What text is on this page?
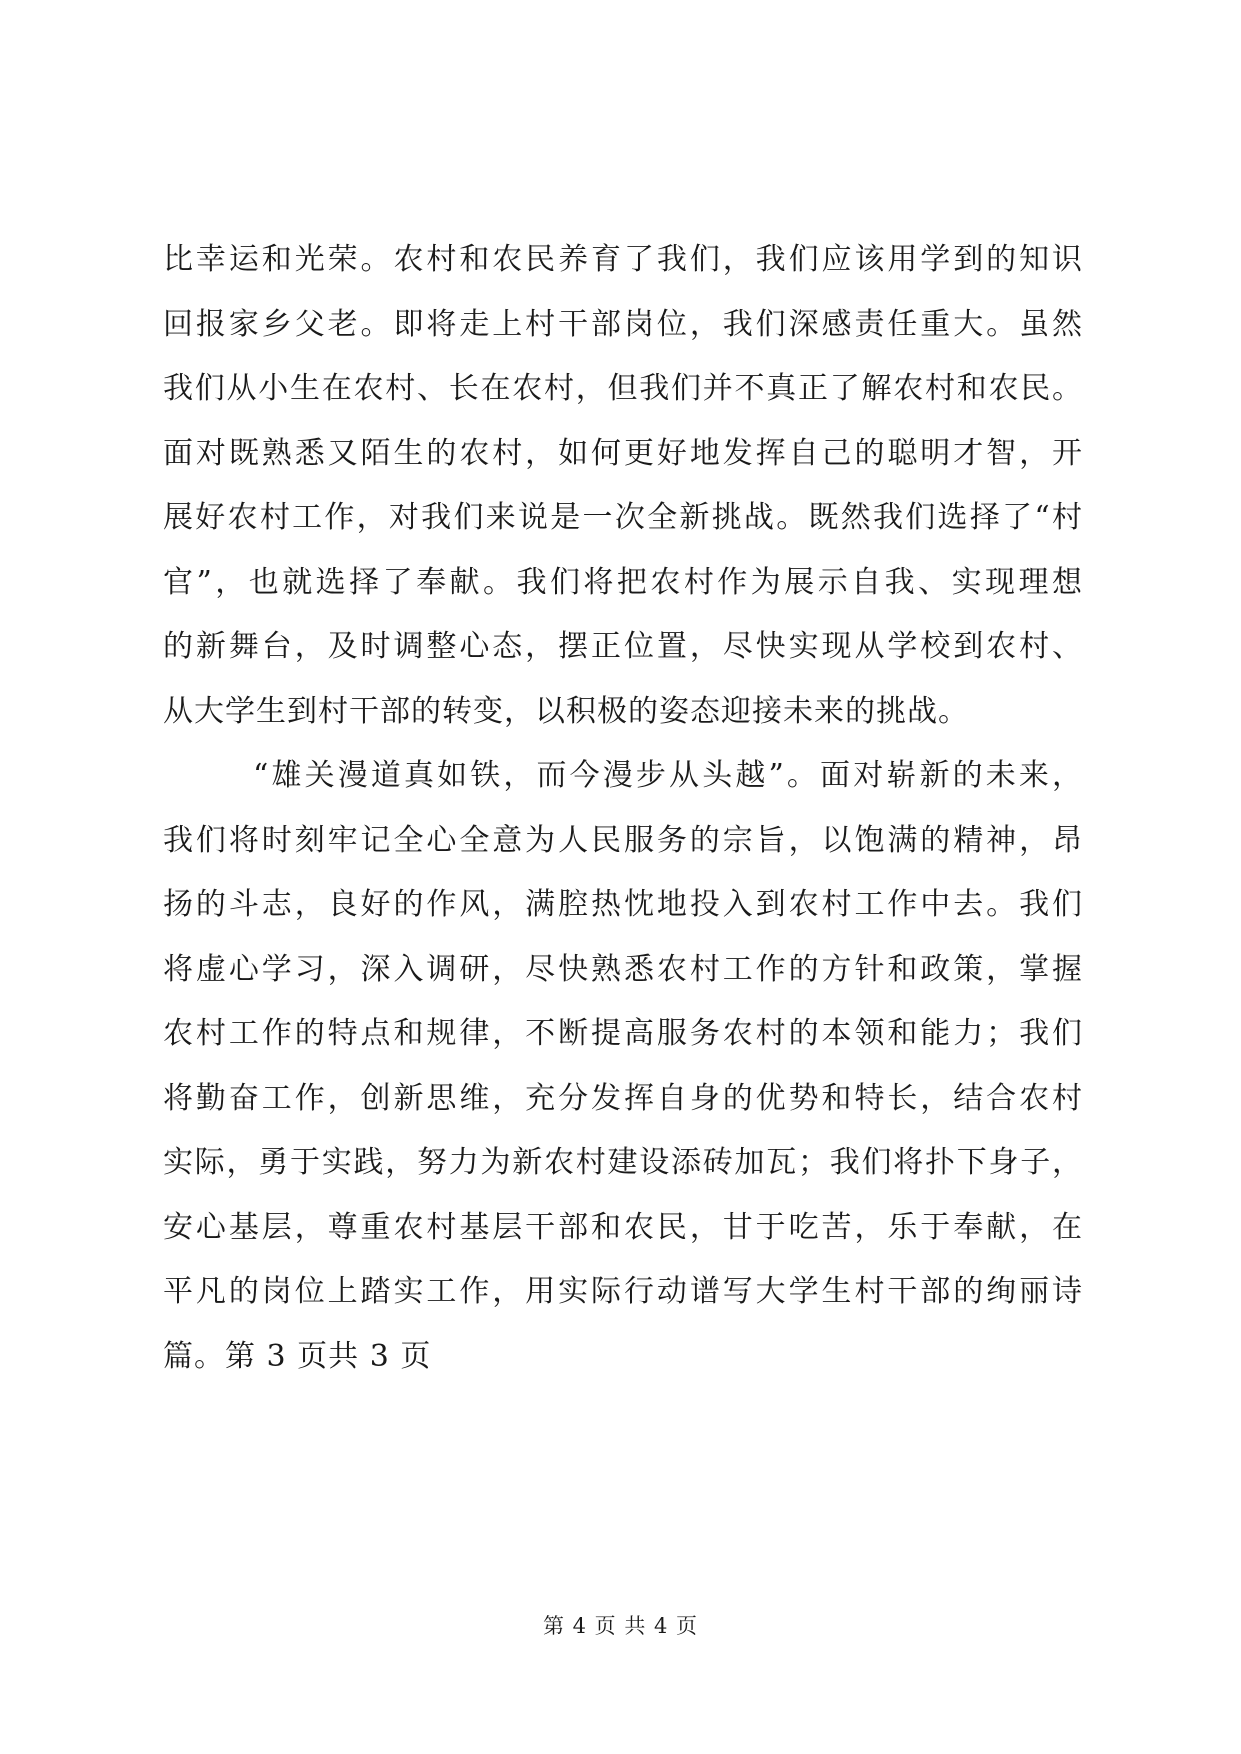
比幸运和光荣。农村和农民养育了我们，我们应该用学到的知识
回报家乡父老。即将走上村干部岗位，我们深感责任重大。虽然
我们从小生在农村、长在农村，但我们并不真正了解农村和农民。
面对既熟悉又陌生的农村，如何更好地发挥自己的聪明才智，开
展好农村工作，对我们来说是一次全新挑战。既然我们选择了“村
官”，也就选择了奉献。我们将把农村作为展示自我、实现理想
的新舞台，及时调整心态，摆正位置，尽快实现从学校到农村、
从大学生到村干部的转变，以积极的姿态迎接未来的挑战。
“雄关漫道真如铁，而今漫步从头越”。面对崭新的未来，
我们将时刻牢记全心全意为人民服务的宗旨，以饱满的精神，昂
扬的斗志，良好的作风，满腔热忱地投入到农村工作中去。我们
将虚心学习，深入调研，尽快熟悉农村工作的方针和政策，掌握
农村工作的特点和规律，不断提高服务农村的本领和能力；我们
将勤奋工作，创新思维，充分发挥自身的优势和特长，结合农村
实际，勇于实践，努力为新农村建设添砖加瓦；我们将扑下身子，
安心基层，尊重农村基层干部和农民，甘于吃苦，乐于奉献，在
平凡的岗位上踏实工作，用实际行动谱写大学生村干部的绚丽诗
篇。第 3 页共 3 页
第 4 页 共 4 页
